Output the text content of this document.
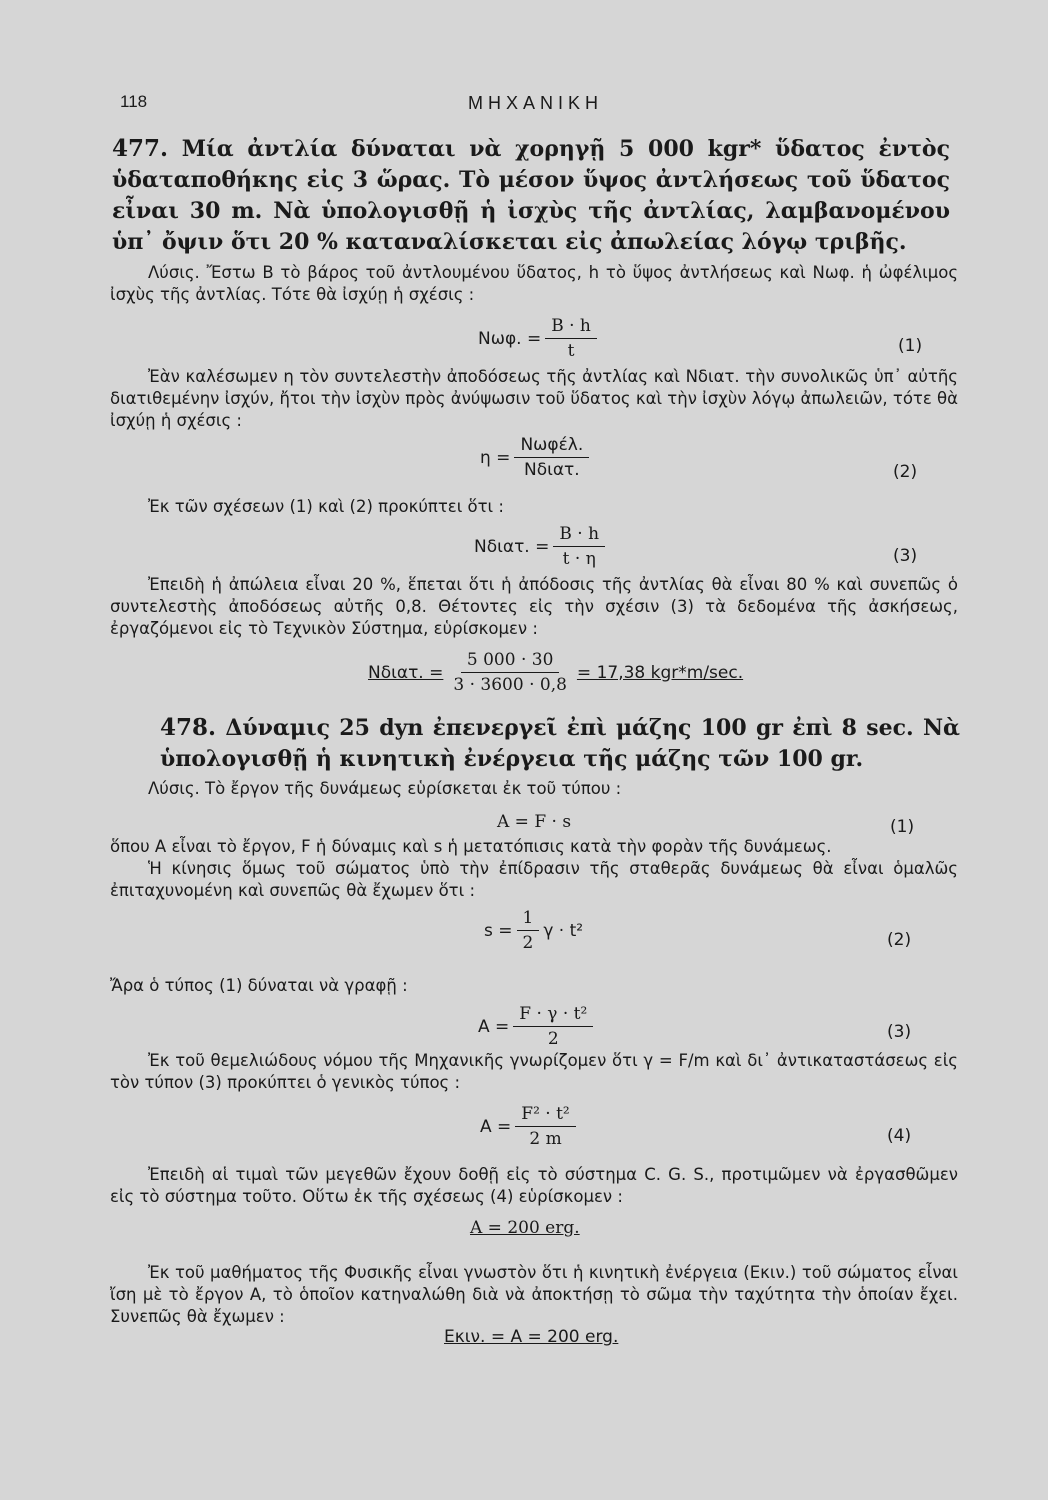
118	ΜΗΧΑΝΙΚΗ
477. Μία ἀντλία δύναται νὰ χορηγῇ 5 000 kgr* ὕδατος ἐντὸς ὑδαταποθήκης εἰς 3 ὥρας. Τὸ μέσον ὕψος ἀντλήσεως τοῦ ὕδατος εἶναι 30 m. Νὰ ὑπολογισθῇ ἡ ἰσχὺς τῆς ἀντλίας, λαμβανομένου ὑπ᾽ ὄψιν ὅτι 20 % καταναλίσκεται εἰς ἀπωλείας λόγῳ τριβῆς.
Λύσις. Ἔστω B τὸ βάρος τοῦ ἀντλουμένου ὕδατος, h τὸ ὕψος ἀντλήσεως καὶ Nωφ. ἡ ὠφέλιμος ἰσχὺς τῆς ἀντλίας. Τότε θὰ ἰσχύῃ ἡ σχέσις :
Nωφ. = $\frac{B \cdot h}{t}$	(1)
Ἐὰν καλέσωμεν η τὸν συντελεστὴν ἀποδόσεως τῆς ἀντλίας καὶ Nδιατ. τὴν συνολικῶς ὑπ᾽ αὐτῆς διατιθεμένην ἰσχύν, ἤτοι τὴν ἰσχὺν πρὸς ἀνύψωσιν τοῦ ὕδατος καὶ τὴν ἰσχὺν λόγῳ ἀπωλειῶν, τότε θὰ ἰσχύῃ ἡ σχέσις :
$\eta = \frac{\text{Nωφέλ.}}{\text{Nδιατ.}}$	(2)
Ἐκ τῶν σχέσεων (1) καὶ (2) προκύπτει ὅτι :
Nδιατ. = $\frac{B \cdot h}{t \cdot \eta}$	(3)
Ἐπειδὴ ἡ ἀπώλεια εἶναι 20 %, ἕπεται ὅτι ἡ ἀπόδοσις τῆς ἀντλίας θὰ εἶναι 80 % καὶ συνεπῶς ὁ συντελεστὴς ἀποδόσεως αὐτῆς 0,8. Θέτοντες εἰς τὴν σχέσιν (3) τὰ δεδομένα τῆς ἀσκήσεως, ἐργαζόμενοι εἰς τὸ Τεχνικὸν Σύστημα, εὑρίσκομεν :
Nδιατ. = $\frac{5 000 \cdot 30}{3 \cdot 3600 \cdot 0,8} = 17,38$ kgr*m/sec.
478. Δύναμις 25 dyn ἐπενεργεῖ ἐπὶ μάζης 100 gr ἐπὶ 8 sec. Νὰ ὑπολογισθῇ ἡ κινητικὴ ἐνέργεια τῆς μάζης τῶν 100 gr.
Λύσις. Τὸ ἔργον τῆς δυνάμεως εὑρίσκεται ἐκ τοῦ τύπου :
A = F · s	(1)
ὅπου A εἶναι τὸ ἔργον, F ἡ δύναμις καὶ s ἡ μετατόπισις κατὰ τὴν φορὰν τῆς δυνάμεως.
Ἡ κίνησις ὅμως τοῦ σώματος ὑπὸ τὴν ἐπίδρασιν τῆς σταθερᾶς δυνάμεως θὰ εἶναι ὁμαλῶς ἐπιταχυνομένη καὶ συνεπῶς θὰ ἔχωμεν ὅτι :
$s = \frac{1}{2}$ γ · t²	(2)
Ἄρα ὁ τύπος (1) δύναται νὰ γραφῇ :
$A = \frac{\text{F · γ · t²}}{2}$	(3)
Ἐκ τοῦ θεμελιώδους νόμου τῆς Μηχανικῆς γνωρίζομεν ὅτι γ = F/m καὶ δι᾽ ἀντικαταστάσεως εἰς τὸν τύπον (3) προκύπτει ὁ γενικὸς τύπος :
$A = \frac{\text{F² · t²}}{2 m}$	(4)
Ἐπειδὴ αἱ τιμαὶ τῶν μεγεθῶν ἔχουν δοθῇ εἰς τὸ σύστημα C. G. S., προτιμῶμεν νὰ ἐργασθῶμεν εἰς τὸ σύστημα τοῦτο. Οὕτω ἐκ τῆς σχέσεως (4) εὑρίσκομεν :
A = 200 erg.
Ἐκ τοῦ μαθήματος τῆς Φυσικῆς εἶναι γνωστὸν ὅτι ἡ κινητικὴ ἐνέργεια (Eκιν.) τοῦ σώματος εἶναι ἴση μὲ τὸ ἔργον A, τὸ ὁποῖον κατηναλώθη διὰ νὰ ἀποκτήσῃ τὸ σῶμα τὴν ταχύτητα τὴν ὁποίαν ἔχει. Συνεπῶς θὰ ἔχωμεν :
Eκιν. = A = 200 erg.
